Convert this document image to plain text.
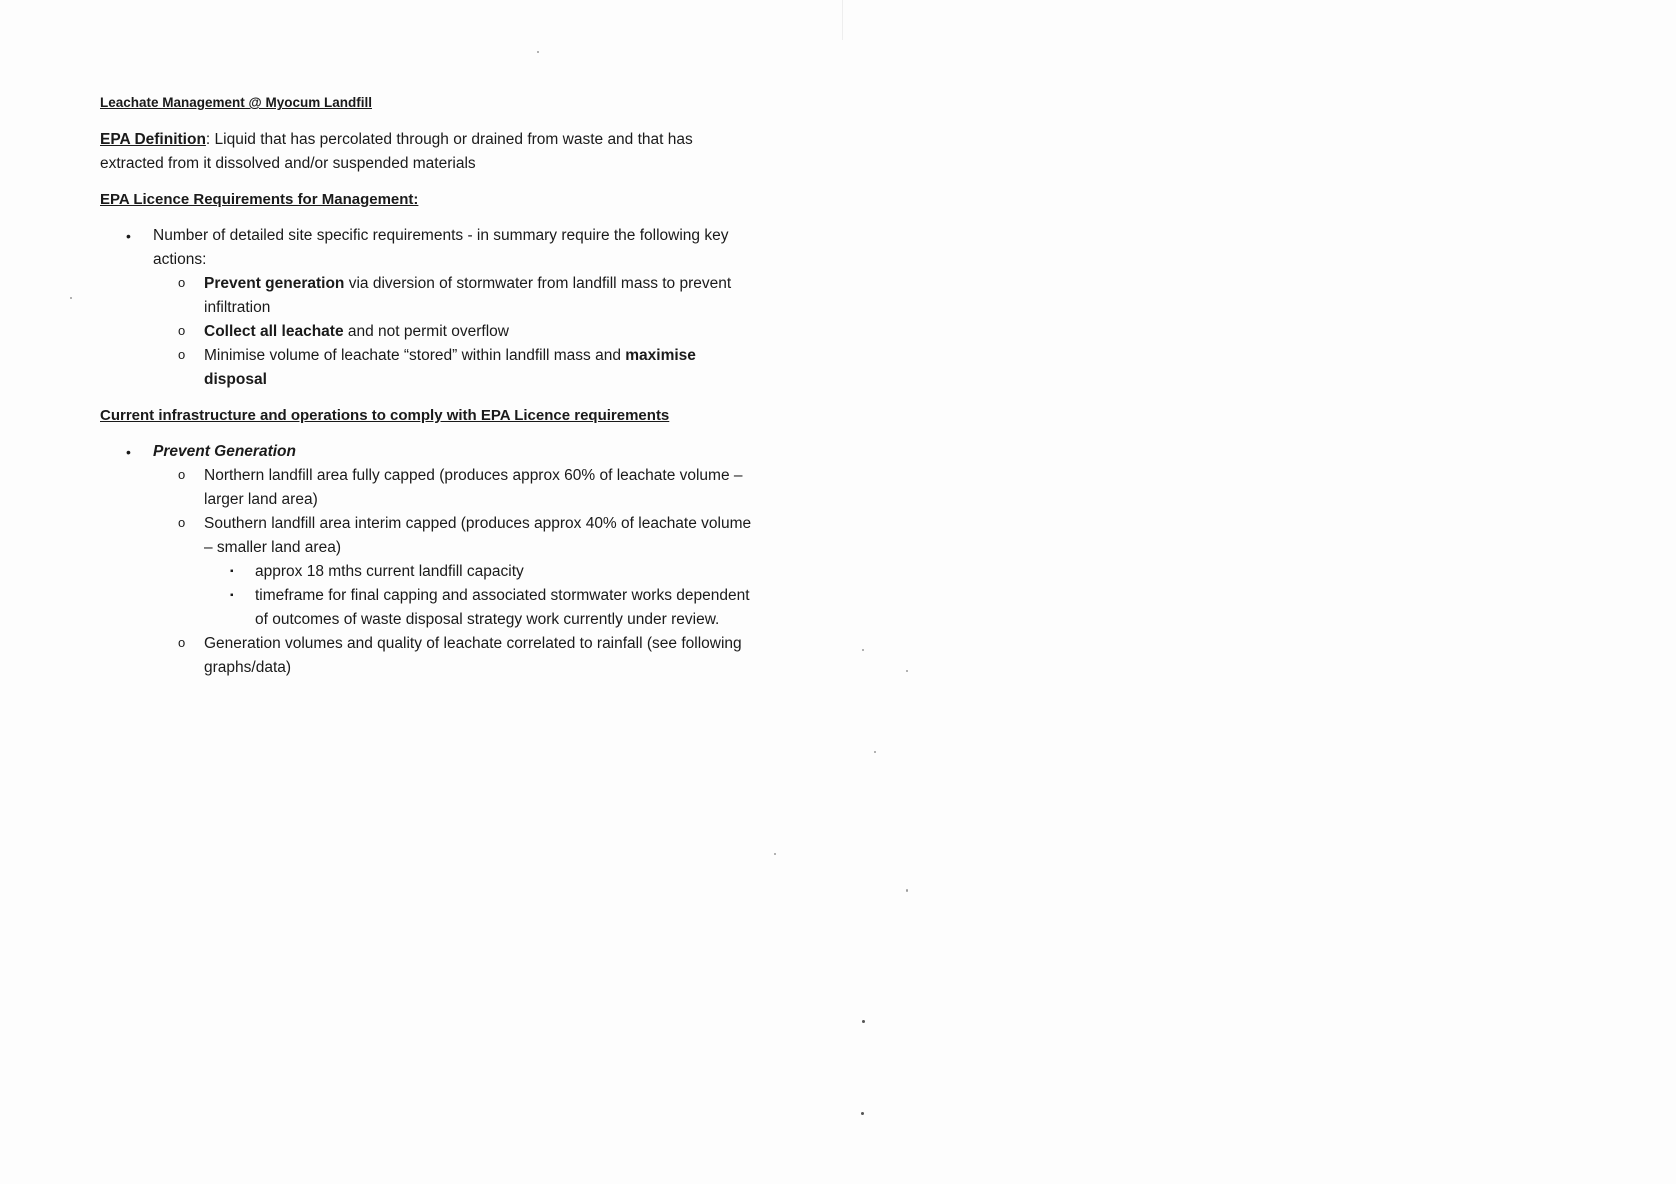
Leachate Management @ Myocum Landfill

EPA Definition: Liquid that has percolated through or drained from waste and that has extracted from it dissolved and/or suspended materials

EPA Licence Requirements for Management:
• Number of detailed site specific requirements - in summary require the following key actions:
o Prevent generation via diversion of stormwater from landfill mass to prevent infiltration
o Collect all leachate and not permit overflow
o Minimise volume of leachate “stored” within landfill mass and maximise disposal
Current infrastructure and operations to comply with EPA Licence requirements
• Prevent Generation
o Northern landfill area fully capped (produces approx 60% of leachate volume – larger land area)
o Southern landfill area interim capped (produces approx 40% of leachate volume – smaller land area)
▪ approx 18 mths current landfill capacity
▪ timeframe for final capping and associated stormwater works dependent of outcomes of waste disposal strategy work currently under review.
o Generation volumes and quality of leachate correlated to rainfall (see following graphs/data)
